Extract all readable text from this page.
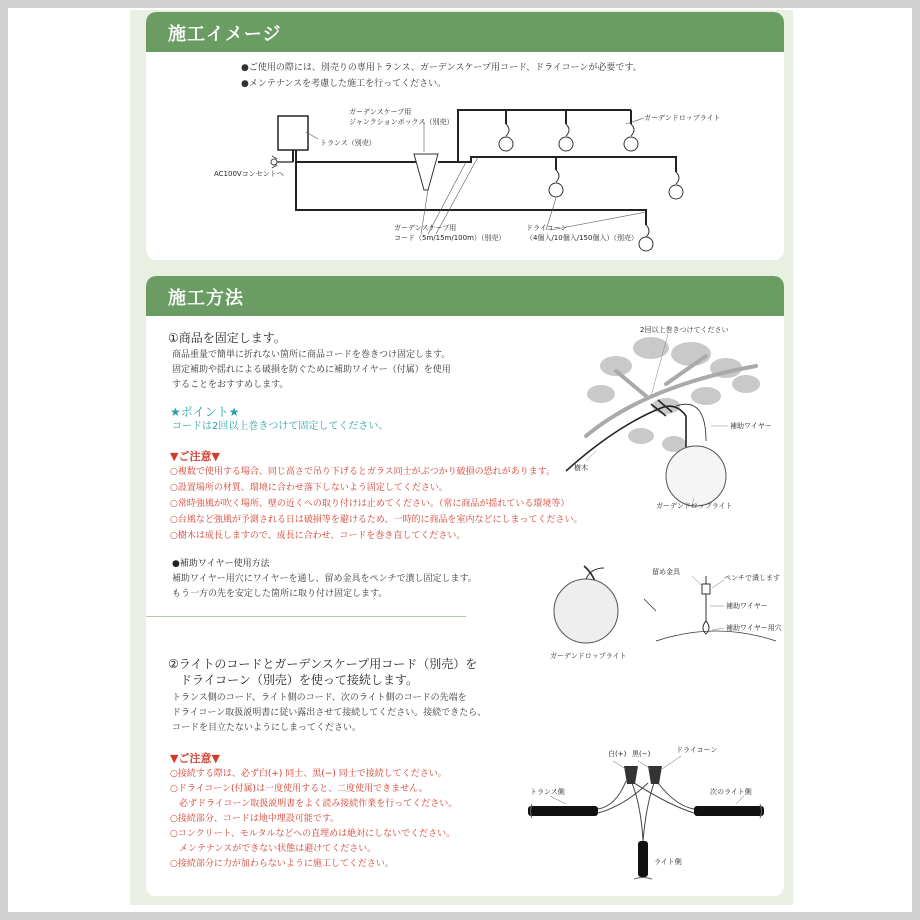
施工イメージ
●ご使用の際には、別売りの専用トランス、ガーデンスケープ用コード、ドライコーンが必要です。
●メンテナンスを考慮した施工を行ってください。
トランス（別売）
AC100Vコンセントへ
ガーデンスケープ用
ジャンクションボックス（別売）	ガーデンドロップライト
ガーデンスケープ用
コード（5m/15m/100m）（別売）
ドライコーン
（4個入/10個入/150個入）（別売）
施工方法
①商品を固定します。
商品重量で簡単に折れない箇所に商品コードを巻きつけ固定します。
固定補助や揺れによる破損を防ぐために補助ワイヤー（付属）を使用
することをおすすめします。
★ポイント★
コードは2回以上巻きつけて固定してください。
▼ご注意▼
○複数で使用する場合、同じ高さで吊り下げるとガラス同士がぶつかり破損の恐れがあります。
○設置場所の材質、環境に合わせ落下しないよう固定してください。
○常時強風が吹く場所、壁の近くへの取り付けは止めてください。（常に商品が揺れている環境等）
○台風など強風が予測される日は破損等を避けるため、一時的に商品を室内などにしまってください。
○樹木は成長しますので、成長に合わせ、コードを巻き直してください。
●補助ワイヤー使用方法
補助ワイヤー用穴にワイヤーを通し、留め金具をペンチで潰し固定します。
もう一方の先を安定した箇所に取り付け固定します。
2回以上巻きつけてください
補助ワイヤー
樹木
ガーデンドロップライト
留め金具
ペンチで潰します
補助ワイヤー
補助ワイヤー用穴
ガーデンドロップライト
②ライトのコードとガーデンスケープ用コード（別売）を
ドライコーン（別売）を使って接続します。
トランス側のコード、ライト側のコード、次のライト側のコードの先端を
ドライコーン取扱説明書に従い露出させて接続してください。接続できたら、
コードを目立たないようにしまってください。
▼ご注意▼
○接続する際は、必ず白(+) 同士、黒(−) 同士で接続してください。
○ドライコーン(付属)は一度使用すると、二度使用できません。
　必ずドライコーン取扱説明書をよく読み接続作業を行ってください。
○接続部分、コードは地中埋設可能です。
○コンクリート、モルタルなどへの直埋めは絶対にしないでください。
　メンテナンスができない状態は避けてください。
○接続部分に力が加わらないように施工してください。
白(+) 黒(−)	ドライコーン
トランス側	次のライト側
ライト側
